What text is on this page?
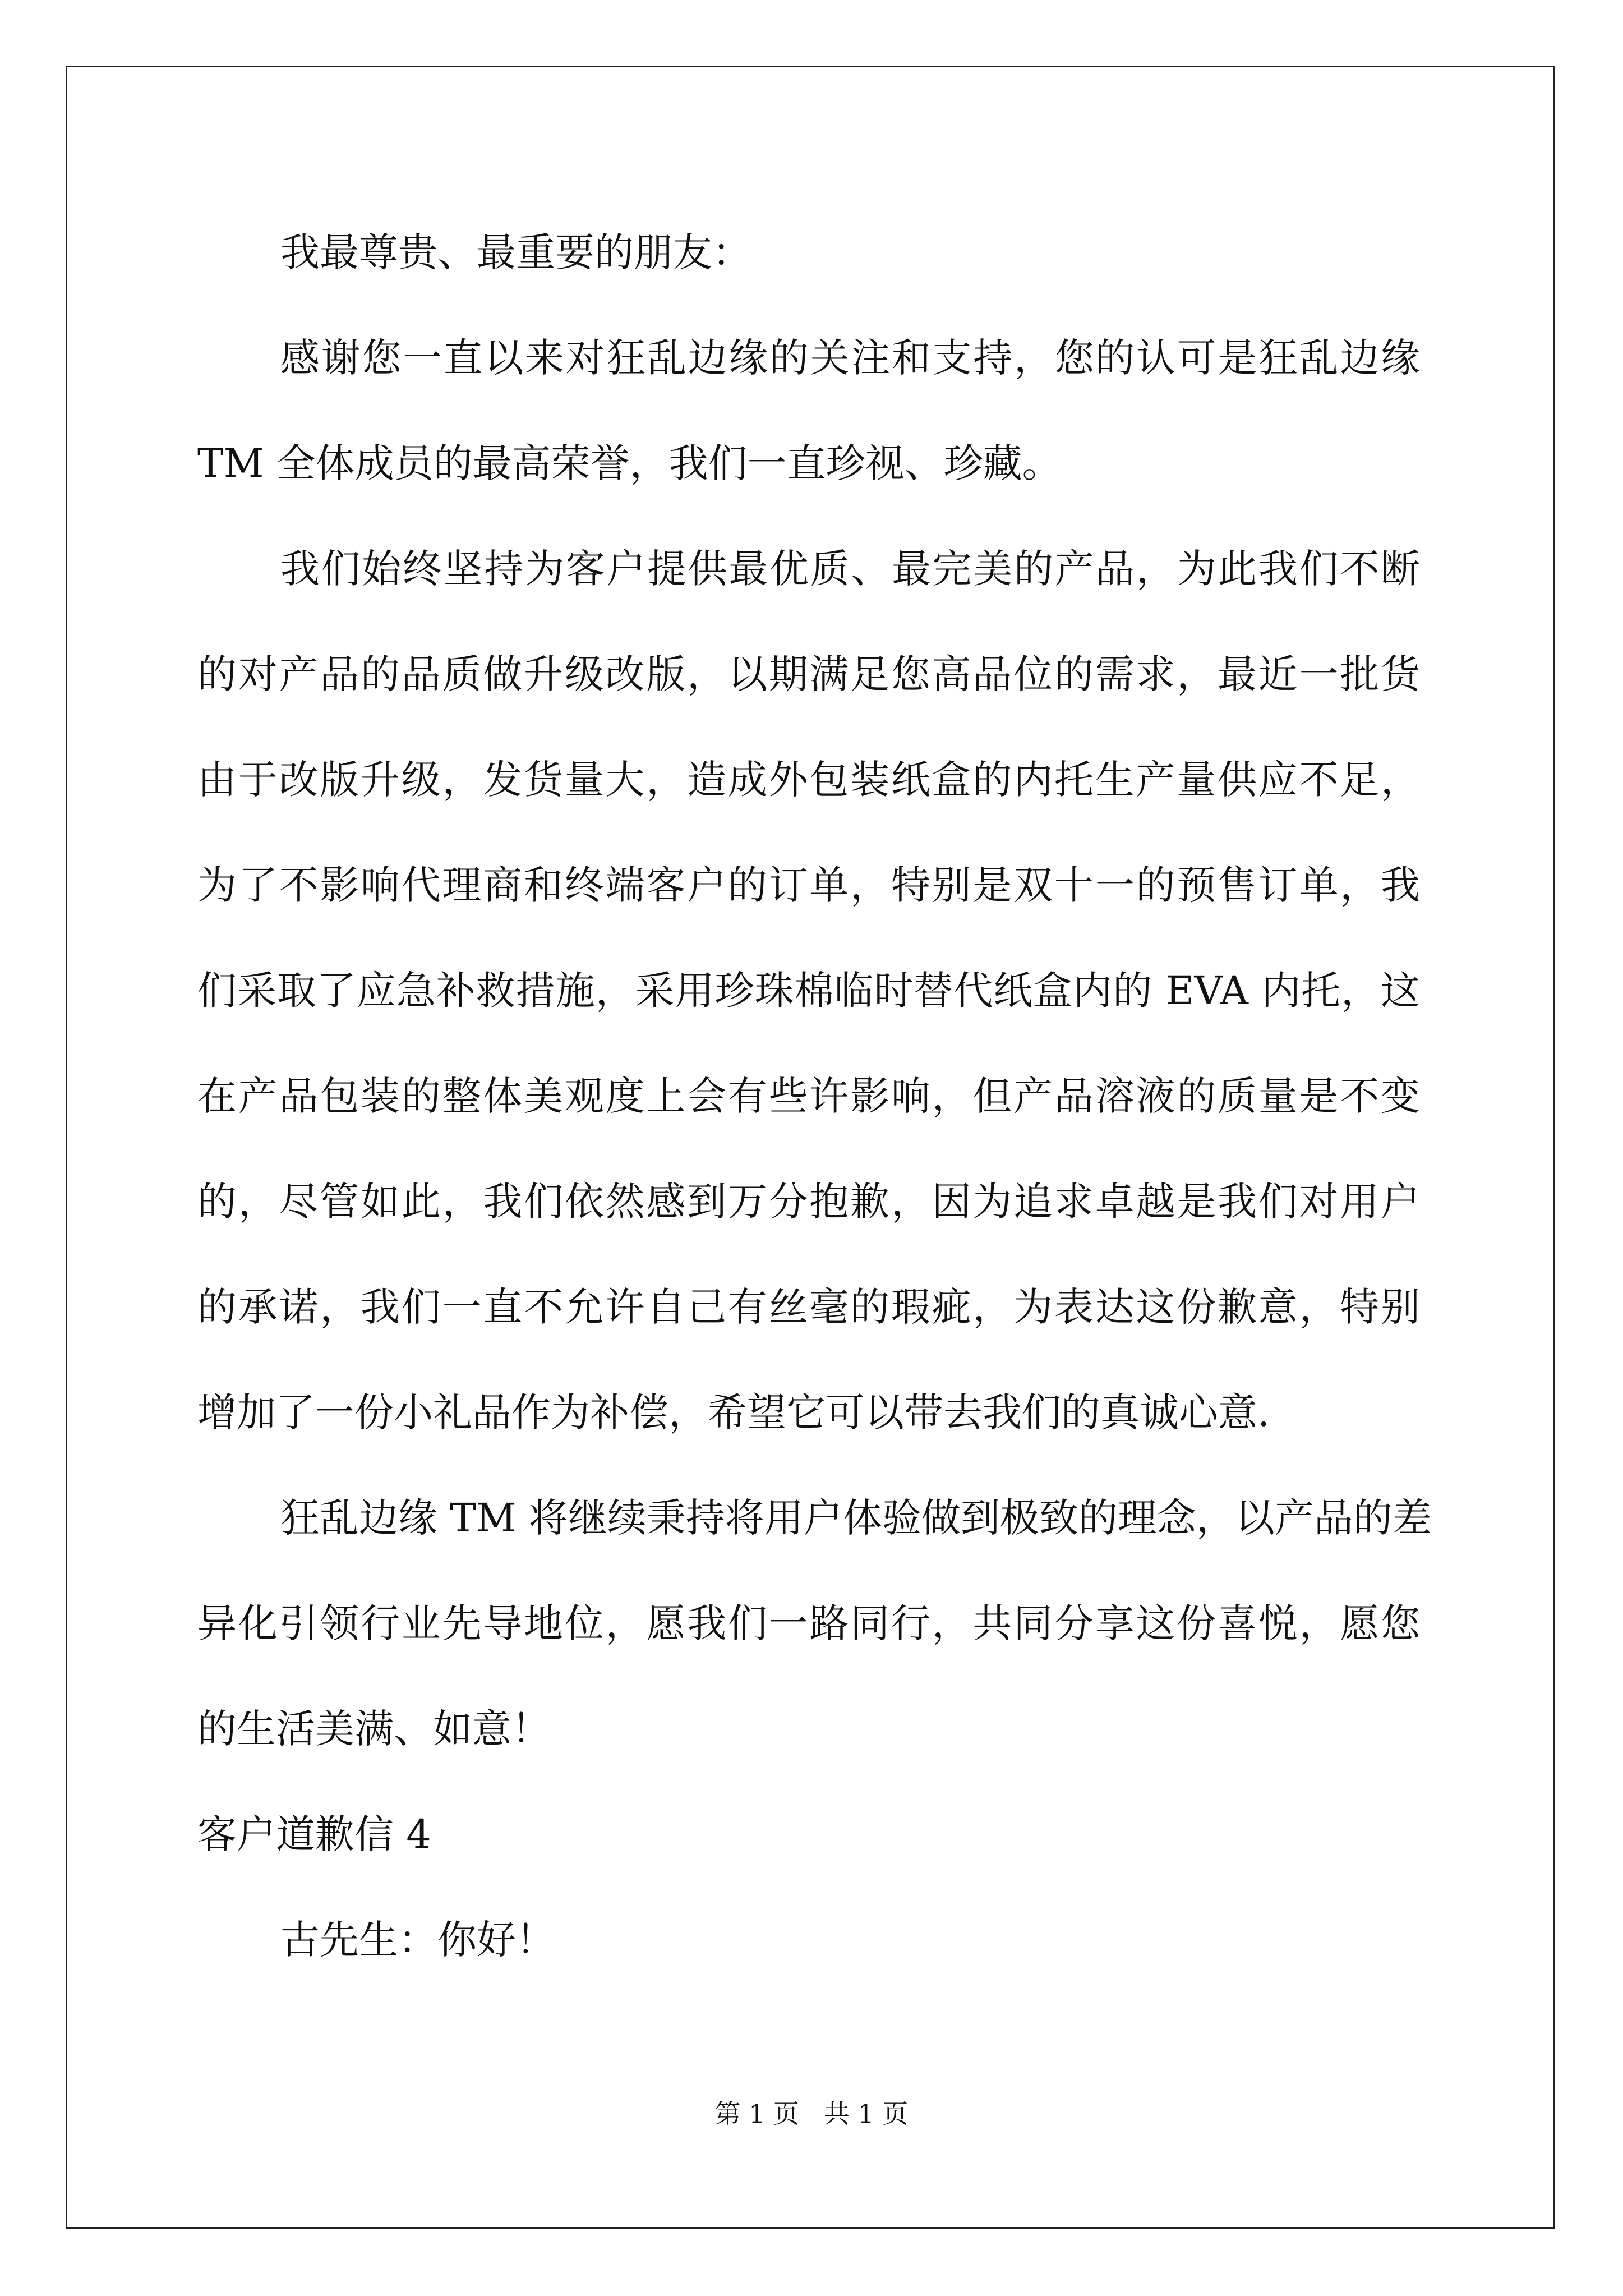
我最尊贵、最重要的朋友：
感谢您一直以来对狂乱边缘的关注和支持，您的认可是狂乱边缘
TM 全体成员的最高荣誉，我们一直珍视、珍藏。
我们始终坚持为客户提供最优质、最完美的产品，为此我们不断
的对产品的品质做升级改版，以期满足您高品位的需求，最近一批货
由于改版升级，发货量大，造成外包装纸盒的内托生产量供应不足，
为了不影响代理商和终端客户的订单，特别是双十一的预售订单，我
们采取了应急补救措施，采用珍珠棉临时替代纸盒内的 EVA 内托，这
在产品包装的整体美观度上会有些许影响，但产品溶液的质量是不变
的，尽管如此，我们依然感到万分抱歉，因为追求卓越是我们对用户
的承诺，我们一直不允许自己有丝毫的瑕疵，为表达这份歉意，特别
增加了一份小礼品作为补偿，希望它可以带去我们的真诚心意.
狂乱边缘 TM 将继续秉持将用户体验做到极致的理念，以产品的差
异化引领行业先导地位，愿我们一路同行，共同分享这份喜悦，愿您
的生活美满、如意！
客户道歉信 4
古先生：你好！
第 1 页   共 1 页
